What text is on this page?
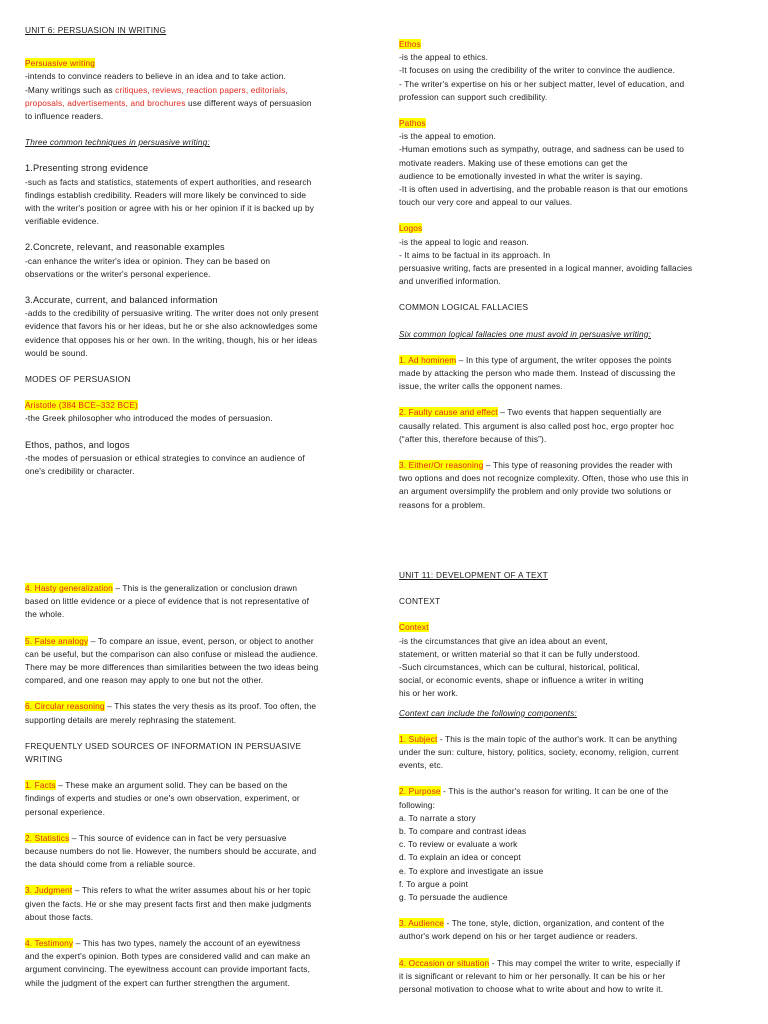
UNIT 6: PERSUASION IN WRITING

Persuasive writing

-intends to convince readers to believe in an idea and to take action.

-Many writings such as critiques, reviews, reaction papers, editorials,

proposals, advertisements, and brochures use different ways of persuasion

to influence readers.

Three common techniques in persuasive writing:

1.Presenting strong evidence

-such as facts and statistics, statements of expert authorities, and research

findings establish credibility. Readers will more likely be convinced to side

with the writer's position or agree with his or her opinion if it is backed up by

verifiable evidence.

2.Concrete, relevant, and reasonable examples

-can enhance the writer's idea or opinion. They can be based on

observations or the writer's personal experience.

3.Accurate, current, and balanced information

-adds to the credibility of persuasive writing. The writer does not only present

evidence that favors his or her ideas, but he or she also acknowledges some

evidence that opposes his or her own. In the writing, though, his or her ideas

would be sound.

MODES OF PERSUASION

Aristotle (384 BCE–332 BCE)

-the Greek philosopher who introduced the modes of persuasion.

Ethos, pathos, and logos

-the modes of persuasion or ethical strategies to convince an audience of

one's credibility or character.

Ethos

-is the appeal to ethics.

-It focuses on using the credibility of the writer to convince the audience.

- The writer's expertise on his or her subject matter, level of education, and

profession can support such credibility.

Pathos

-is the appeal to emotion.

-Human emotions such as sympathy, outrage, and sadness can be used to

motivate readers. Making use of these emotions can get the

audience to be emotionally invested in what the writer is saying.

-It is often used in advertising, and the probable reason is that our emotions

touch our very core and appeal to our values.

Logos

-is the appeal to logic and reason.

- It aims to be factual in its approach. In

persuasive writing, facts are presented in a logical manner, avoiding fallacies

and unverified information.

COMMON LOGICAL FALLACIES

Six common logical fallacies one must avoid in persuasive writing:

1. Ad hominem – In this type of argument, the writer opposes the points

made by attacking the person who made them. Instead of discussing the

issue, the writer calls the opponent names.

2. Faulty cause and effect – Two events that happen sequentially are

causally related. This argument is also called post hoc, ergo propter hoc

(“after this, therefore because of this”).

3. Either/Or reasoning – This type of reasoning provides the reader with

two options and does not recognize complexity. Often, those who use this in

an argument oversimplify the problem and only provide two solutions or

reasons for a problem.

4. Hasty generalization – This is the generalization or conclusion drawn

based on little evidence or a piece of evidence that is not representative of

the whole.

5. False analogy – To compare an issue, event, person, or object to another

can be useful, but the comparison can also confuse or mislead the audience.

There may be more differences than similarities between the two ideas being

compared, and one reason may apply to one but not the other.

6. Circular reasoning – This states the very thesis as its proof. Too often, the

supporting details are merely rephrasing the statement.

FREQUENTLY USED SOURCES OF INFORMATION IN PERSUASIVE

WRITING

1. Facts – These make an argument solid. They can be based on the

findings of experts and studies or one's own observation, experiment, or

personal experience.

2. Statistics – This source of evidence can in fact be very persuasive

because numbers do not lie. However, the numbers should be accurate, and

the data should come from a reliable source.

3. Judgment – This refers to what the writer assumes about his or her topic

given the facts. He or she may present facts first and then make judgments

about those facts.

4. Testimony – This has two types, namely the account of an eyewitness

and the expert's opinion. Both types are considered valid and can make an

argument convincing. The eyewitness account can provide important facts,

while the judgment of the expert can further strengthen the argument.

UNIT 11: DEVELOPMENT OF A TEXT

CONTEXT

Context

-is the circumstances that give an idea about an event,

statement, or written material so that it can be fully understood.

-Such circumstances, which can be cultural, historical, political,

social, or economic events, shape or influence a writer in writing

his or her work.

Context can include the following components:

1. Subject - This is the main topic of the author's work. It can be anything

under the sun: culture, history, politics, society, economy, religion, current

events, etc.

2. Purpose - This is the author's reason for writing. It can be one of the

following:

a. To narrate a story

b. To compare and contrast ideas

c. To review or evaluate a work

d. To explain an idea or concept

e. To explore and investigate an issue

f. To argue a point

g. To persuade the audience

3. Audience - The tone, style, diction, organization, and content of the

author's work depend on his or her target audience or readers.

4. Occasion or situation - This may compel the writer to write, especially if

it is significant or relevant to him or her personally. It can be his or her

personal motivation to choose what to write about and how to write it.
